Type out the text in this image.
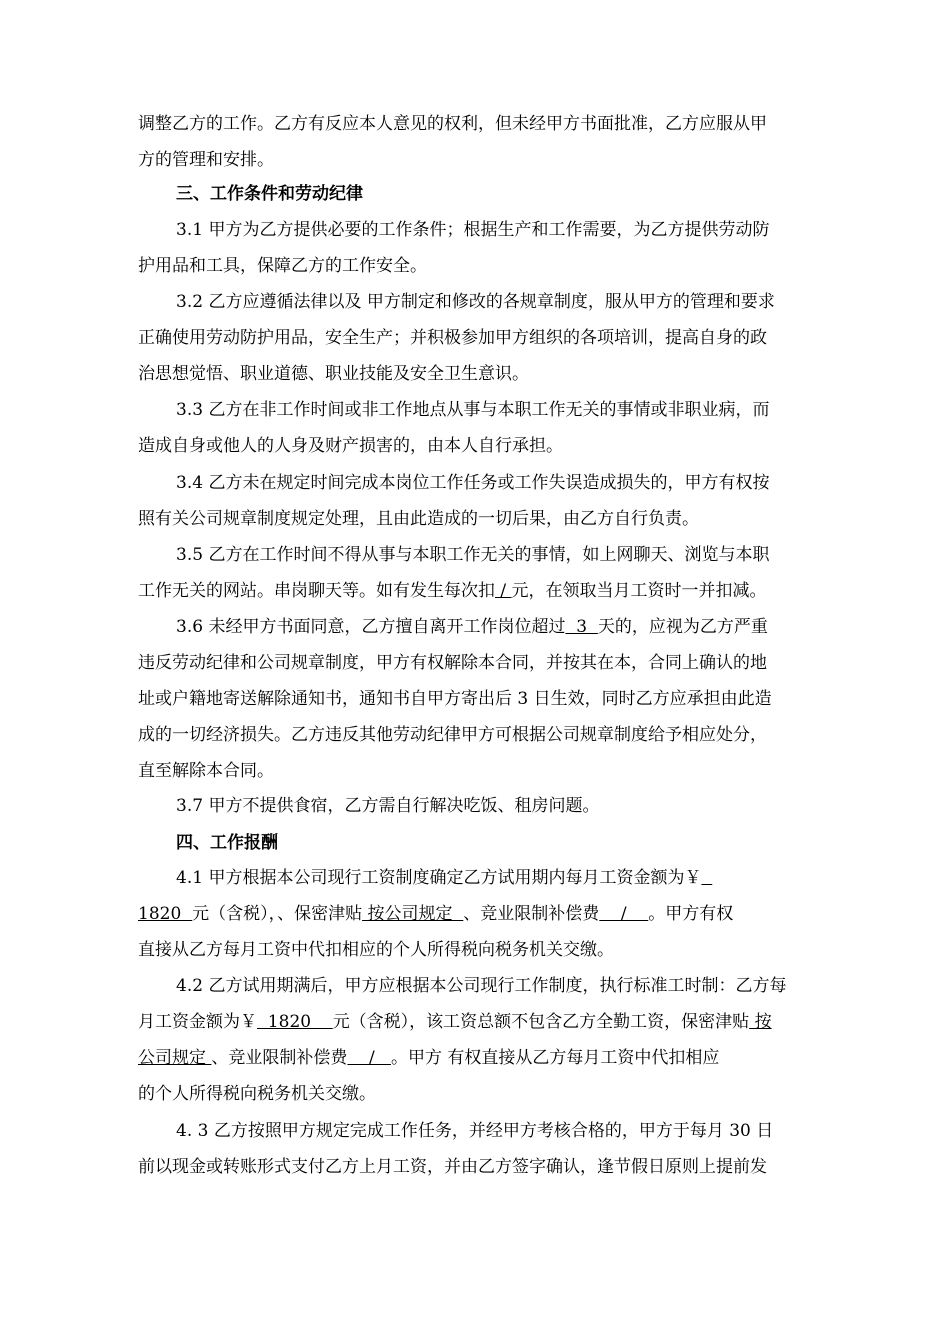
调整乙方的工作。乙方有反应本人意见的权利，但未经甲方书面批准，乙方应服从甲
方的管理和安排。
三、工作条件和劳动纪律
3.1 甲方为乙方提供必要的工作条件；根据生产和工作需要，为乙方提供劳动防
护用品和工具，保障乙方的工作安全。
3.2 乙方应遵循法律以及 甲方制定和修改的各规章制度，服从甲方的管理和要求
正确使用劳动防护用品，安全生产；并积极参加甲方组织的各项培训，提高自身的政
治思想觉悟、职业道德、职业技能及安全卫生意识。
3.3 乙方在非工作时间或非工作地点从事与本职工作无关的事情或非职业病，而
造成自身或他人的人身及财产损害的，由本人自行承担。
3.4 乙方未在规定时间完成本岗位工作任务或工作失误造成损失的，甲方有权按
照有关公司规章制度规定处理，且由此造成的一切后果，由乙方自行负责。
3.5 乙方在工作时间不得从事与本职工作无关的事情，如上网聊天、浏览与本职
工作无关的网站。串岗聊天等。如有发生每次扣 / 元，在领取当月工资时一并扣减。
3.6 未经甲方书面同意，乙方擅自离开工作岗位超过  3  天的，应视为乙方严重
违反劳动纪律和公司规章制度，甲方有权解除本合同，并按其在本，合同上确认的地
址或户籍地寄送解除通知书，通知书自甲方寄出后 3 日生效，同时乙方应承担由此造
成的一切经济损失。乙方违反其他劳动纪律甲方可根据公司规章制度给予相应处分，
直至解除本合同。
3.7 甲方不提供食宿，乙方需自行解决吃饭、租房问题。
四、工作报酬
4.1 甲方根据本公司现行工资制度确定乙方试用期内每月工资金额为￥
1820  元（含税），、保密津贴 按公司规定  、竞业限制补偿费    /    。甲方有权
直接从乙方每月工资中代扣相应的个人所得税向税务机关交缴。
4.2 乙方试用期满后，甲方应根据本公司现行工作制度，执行标准工时制：乙方每
月工资金额为￥  1820    元（含税），该工资总额不包含乙方全勤工资，保密津贴 按
公司规定 、竞业限制补偿费    /   。甲方 有权直接从乙方每月工资中代扣相应
的个人所得税向税务机关交缴。
4. 3 乙方按照甲方规定完成工作任务，并经甲方考核合格的，甲方于每月 30 日
前以现金或转账形式支付乙方上月工资，并由乙方签字确认，逢节假日原则上提前发
